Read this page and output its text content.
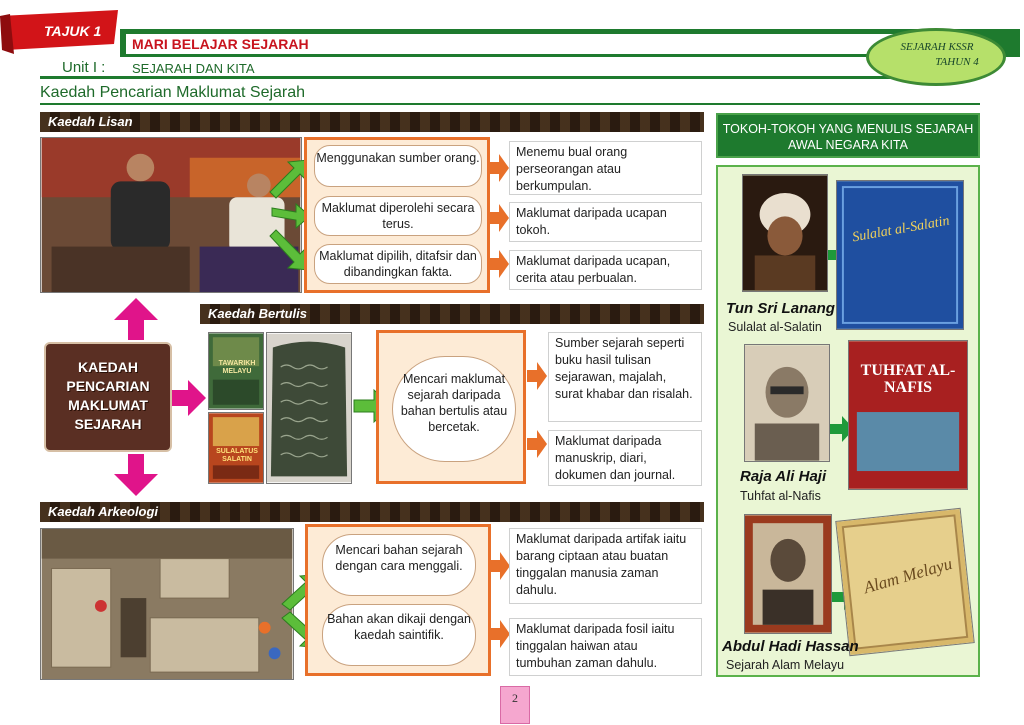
MARI BELAJAR SEJARAH
Unit I : SEJARAH DAN KITA
TAJUK 1
SEJARAH KSSR
TAHUN 4
Kaedah Pencarian Maklumat Sejarah
Kaedah Lisan
Menggunakan sumber orang.
Maklumat diperolehi secara terus.
Maklumat dipilih, ditafsir dan dibandingkan fakta.
Menemu bual orang perseorangan atau berkumpulan.
Maklumat daripada ucapan tokoh.
Maklumat daripada ucapan, cerita atau perbualan.
KAEDAH
PENCARIAN
MAKLUMAT
SEJARAH
Kaedah Bertulis
TAWARIKH MELAYU
SULALATUS SALATIN
Mencari maklumat sejarah daripada bahan bertulis atau bercetak.
Sumber sejarah seperti buku hasil tulisan sejarawan, majalah, surat khabar dan risalah.
Maklumat daripada manuskrip, diari, dokumen dan journal.
Kaedah Arkeologi
Mencari bahan sejarah dengan cara menggali.
Bahan akan dikaji dengan kaedah saintifik.
Maklumat daripada artifak iaitu barang ciptaan atau buatan tinggalan manusia zaman dahulu.
Maklumat daripada fosil iaitu tinggalan haiwan atau tumbuhan zaman dahulu.
TOKOH-TOKOH YANG MENULIS SEJARAH AWAL NEGARA KITA
Sulalat al-Salatin
Tun Sri Lanang
Sulalat al-Salatin
TUHFAT AL-NAFIS
Raja Ali Haji
Tuhfat al-Nafis
Alam Melayu
Abdul Hadi Hassan
Sejarah Alam Melayu
2
